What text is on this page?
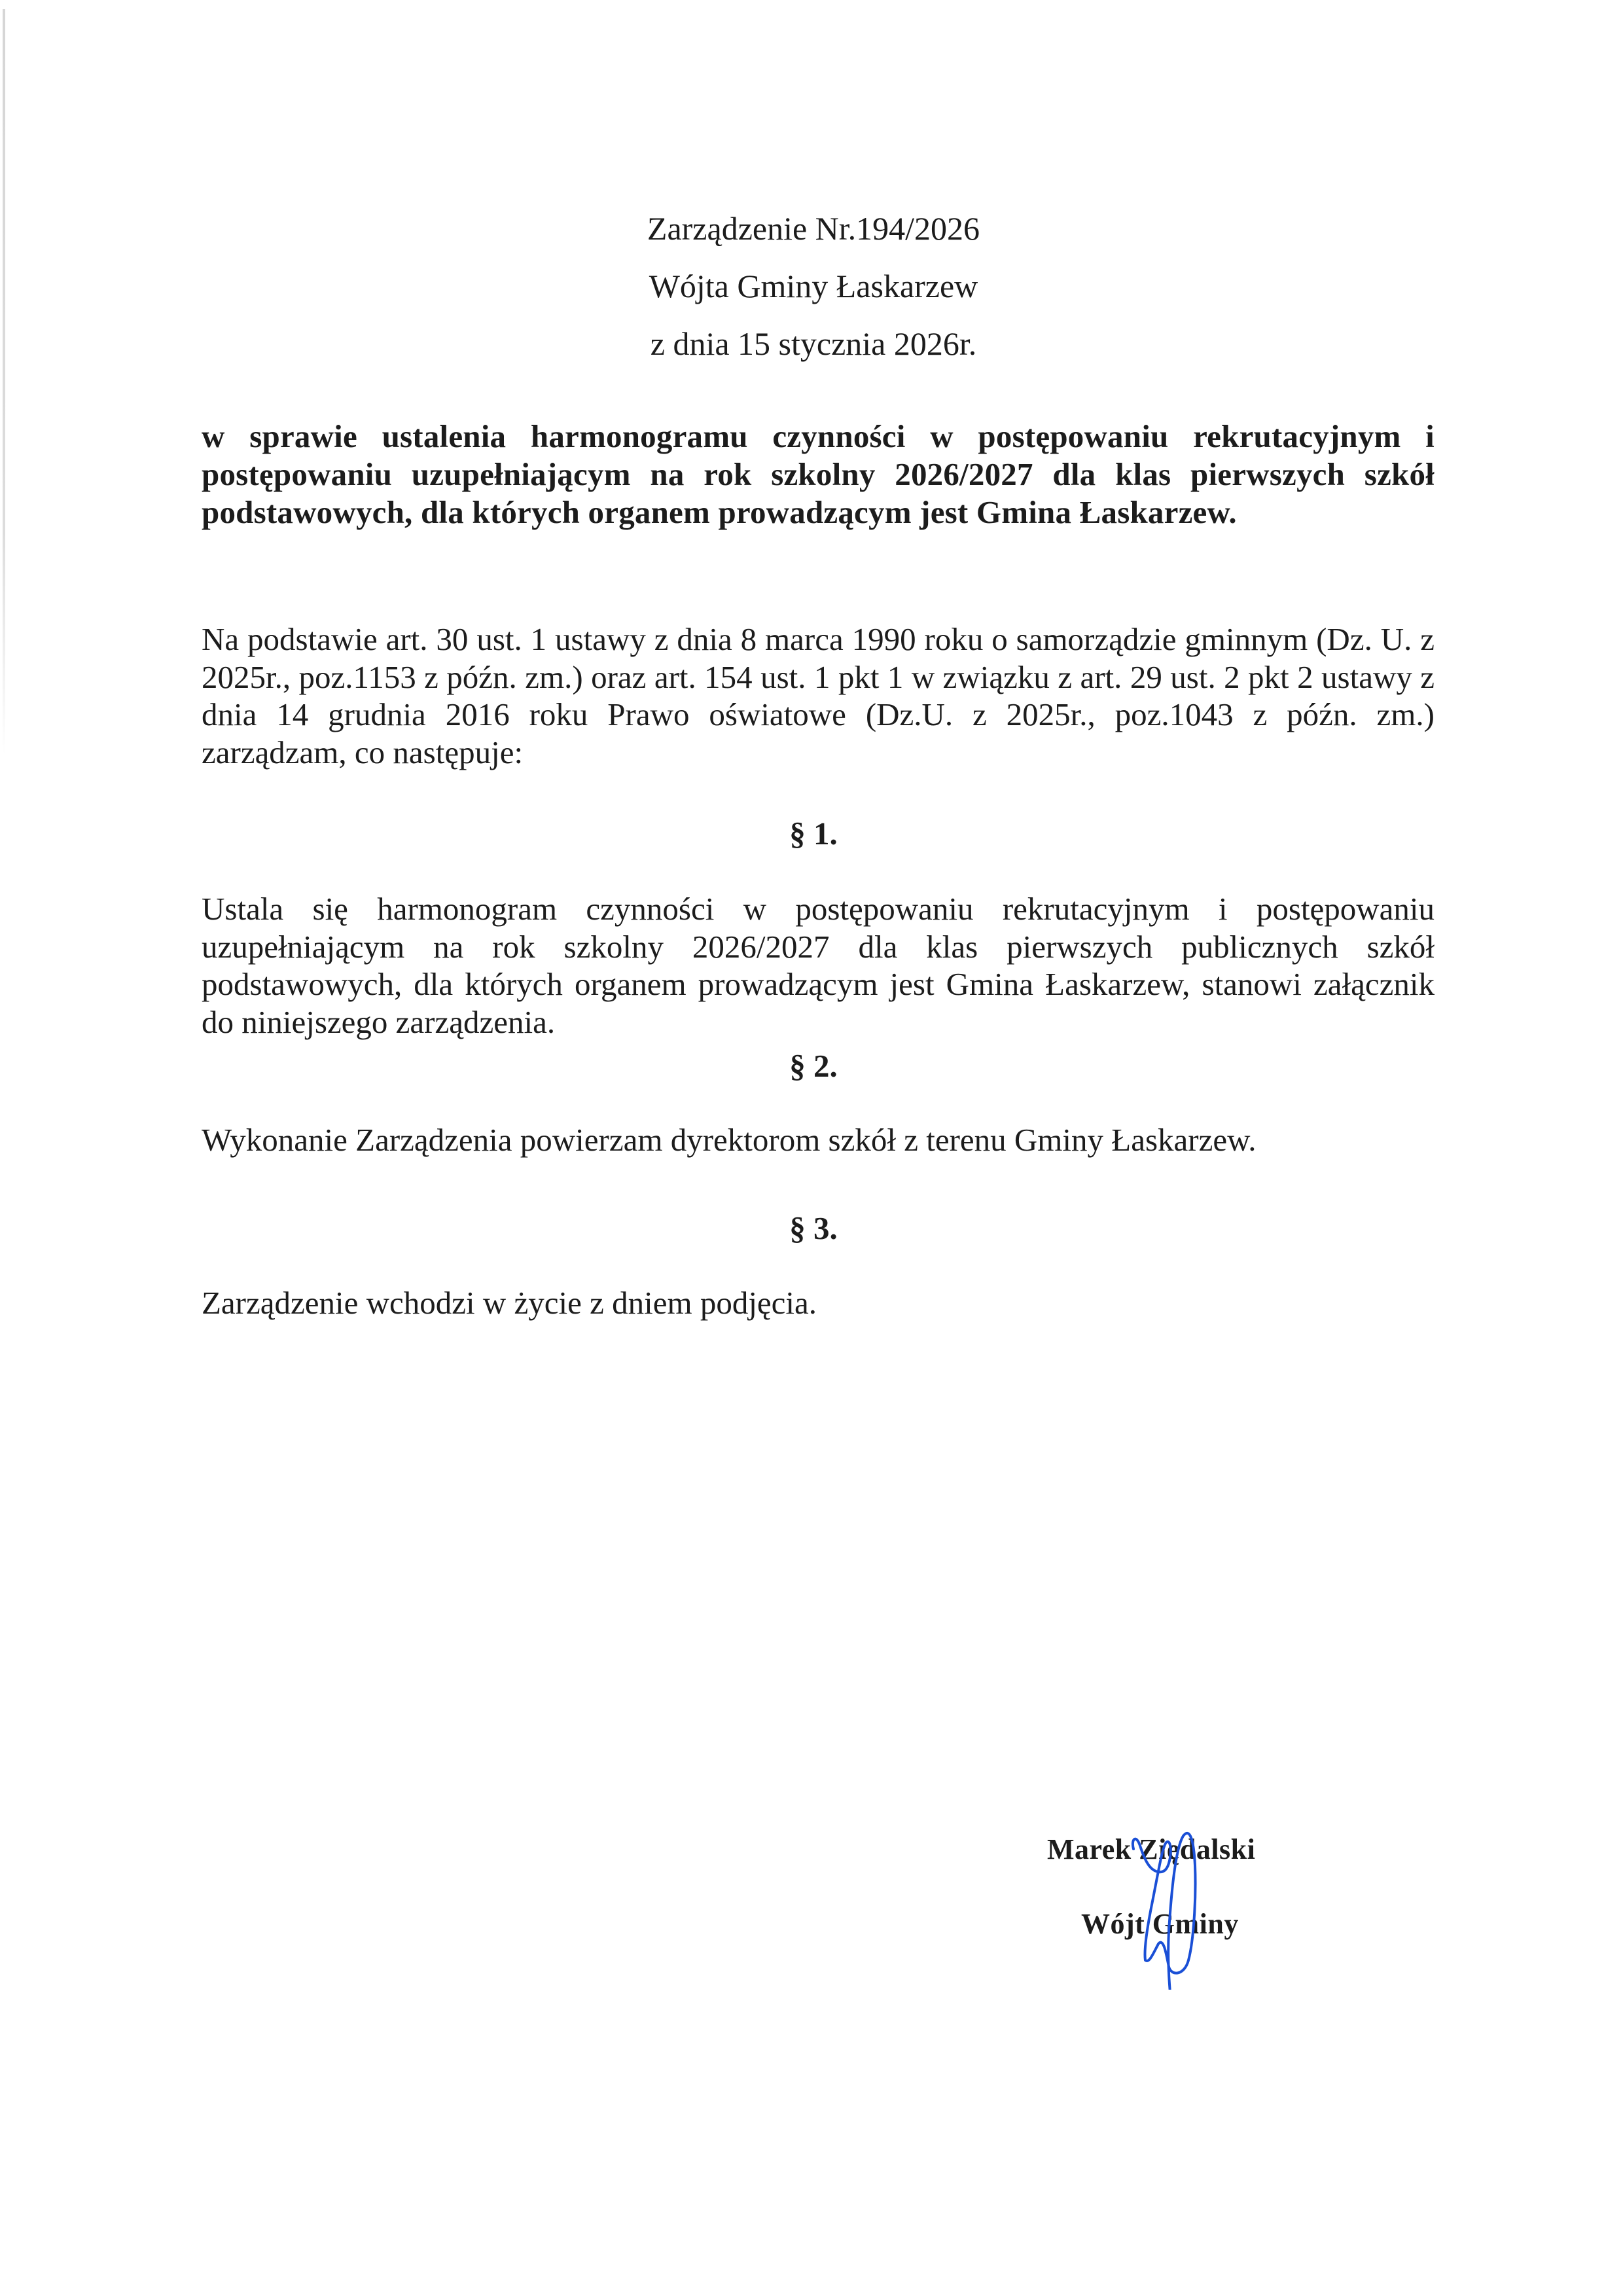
Zarządzenie Nr.194/2026
Wójta Gminy Łaskarzew
z dnia 15 stycznia 2026r.
w sprawie ustalenia harmonogramu czynności w postępowaniu rekrutacyjnym i postępowaniu uzupełniającym na rok szkolny 2026/2027 dla klas pierwszych szkół podstawowych, dla których organem prowadzącym jest Gmina Łaskarzew.
Na podstawie art. 30 ust. 1 ustawy z dnia 8 marca 1990 roku o samorządzie gminnym (Dz. U. z 2025r., poz.1153 z późn. zm.) oraz art. 154 ust. 1 pkt 1 w związku z art. 29 ust. 2 pkt 2 ustawy z dnia 14 grudnia 2016 roku Prawo oświatowe (Dz.U. z 2025r., poz.1043 z późn. zm.) zarządzam, co następuje:
§ 1.
Ustala się harmonogram czynności w postępowaniu rekrutacyjnym i postępowaniu uzupełniającym na rok szkolny 2026/2027 dla klas pierwszych publicznych szkół podstawowych, dla których organem prowadzącym jest Gmina Łaskarzew, stanowi załącznik do niniejszego zarządzenia.
§ 2.
Wykonanie Zarządzenia powierzam dyrektorom szkół z terenu Gminy Łaskarzew.
§ 3.
Zarządzenie wchodzi w życie z dniem podjęcia.
Marek Ziędalski
Wójt Gminy
